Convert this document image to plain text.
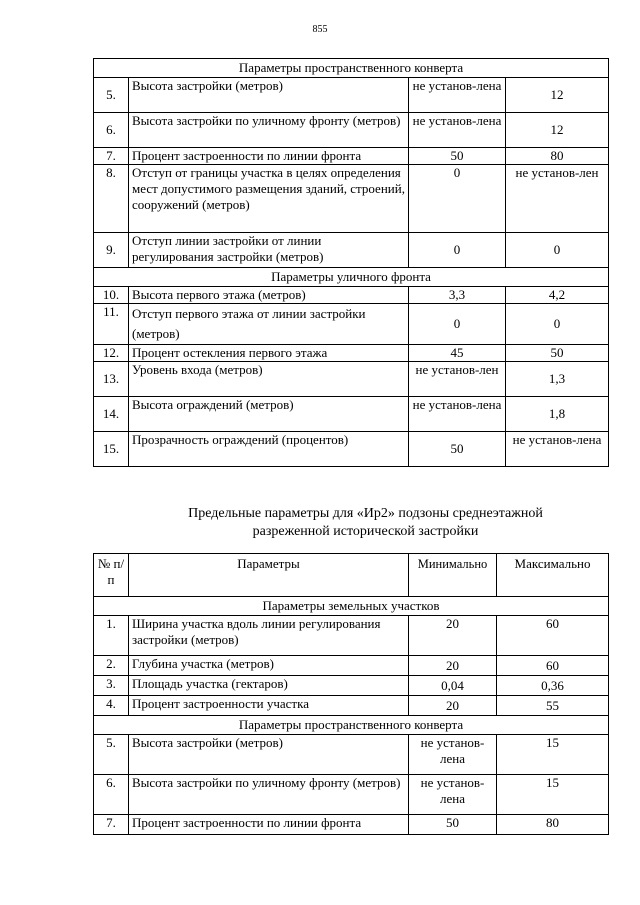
855
Параметры пространственного конверта			
5.	Высота застройки (метров)	не установ-лена	12
6.	Высота застройки по уличному фронту (метров)	не установ-лена	12
7.	Процент застроенности по линии фронта	50	80
8.	Отступ от границы участка в целях определения мест допустимого размещения зданий, строений, сооружений (метров)	0	не установ-лен
9.	Отступ линии застройки от линии регулирования застройки (метров)	0	0
Параметры уличного фронта			
10.	Высота первого этажа (метров)	3,3	4,2
11.	Отступ первого этажа от линии застройки (метров)	0	0
12.	Процент остекления первого этажа	45	50
13.	Уровень входа (метров)	не установ-лен	1,3
14.	Высота ограждений (метров)	не установ-лена	1,8
15.	Прозрачность ограждений (процентов)	50	не установ-лена
Предельные параметры для «Ир2» подзоны среднеэтажной
разреженной исторической застройки
№ п/п	Параметры	Минимально	Максимально
Параметры земельных участков			
1.	Ширина участка вдоль линии регулирования застройки (метров)	20	60
2.	Глубина участка (метров)	20	60
3.	Площадь участка (гектаров)	0,04	0,36
4.	Процент застроенности участка	20	55
Параметры пространственного конверта			
5.	Высота застройки (метров)	не установ-лена	15
6.	Высота застройки по уличному фронту (метров)	не установ-лена	15
7.	Процент застроенности по линии фронта	50	80
